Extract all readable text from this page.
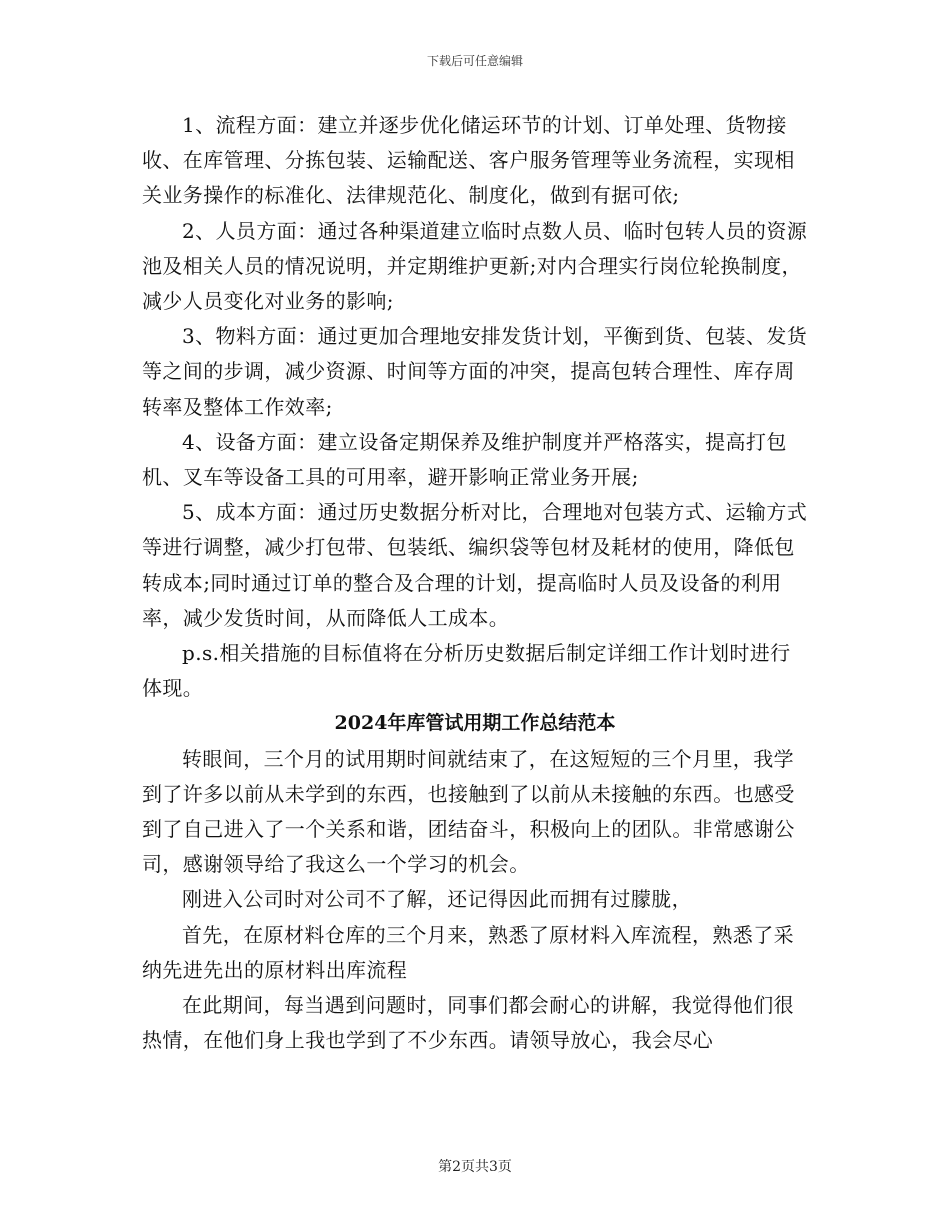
下载后可任意编辑

1、流程方面：建立并逐步优化储运环节的计划、订单处理、货物接收、在库管理、分拣包装、运输配送、客户服务管理等业务流程，实现相关业务操作的标准化、法律规范化、制度化，做到有据可依;

2、人员方面：通过各种渠道建立临时点数人员、临时包转人员的资源池及相关人员的情况说明，并定期维护更新;对内合理实行岗位轮换制度，减少人员变化对业务的影响;

3、物料方面：通过更加合理地安排发货计划，平衡到货、包装、发货等之间的步调，减少资源、时间等方面的冲突，提高包转合理性、库存周转率及整体工作效率;

4、设备方面：建立设备定期保养及维护制度并严格落实，提高打包机、叉车等设备工具的可用率，避开影响正常业务开展;

5、成本方面：通过历史数据分析对比，合理地对包装方式、运输方式等进行调整，减少打包带、包装纸、编织袋等包材及耗材的使用，降低包转成本;同时通过订单的整合及合理的计划，提高临时人员及设备的利用率，减少发货时间，从而降低人工成本。

p.s.相关措施的目标值将在分析历史数据后制定详细工作计划时进行体现。

2024年库管试用期工作总结范本

转眼间，三个月的试用期时间就结束了，在这短短的三个月里，我学到了许多以前从未学到的东西，也接触到了以前从未接触的东西。也感受到了自己进入了一个关系和谐，团结奋斗，积极向上的团队。非常感谢公司，感谢领导给了我这么一个学习的机会。

刚进入公司时对公司不了解，还记得因此而拥有过朦胧，

首先，在原材料仓库的三个月来，熟悉了原材料入库流程，熟悉了采纳先进先出的原材料出库流程

在此期间，每当遇到问题时，同事们都会耐心的讲解，我觉得他们很热情，在他们身上我也学到了不少东西。请领导放心，我会尽心

第2页共3页
